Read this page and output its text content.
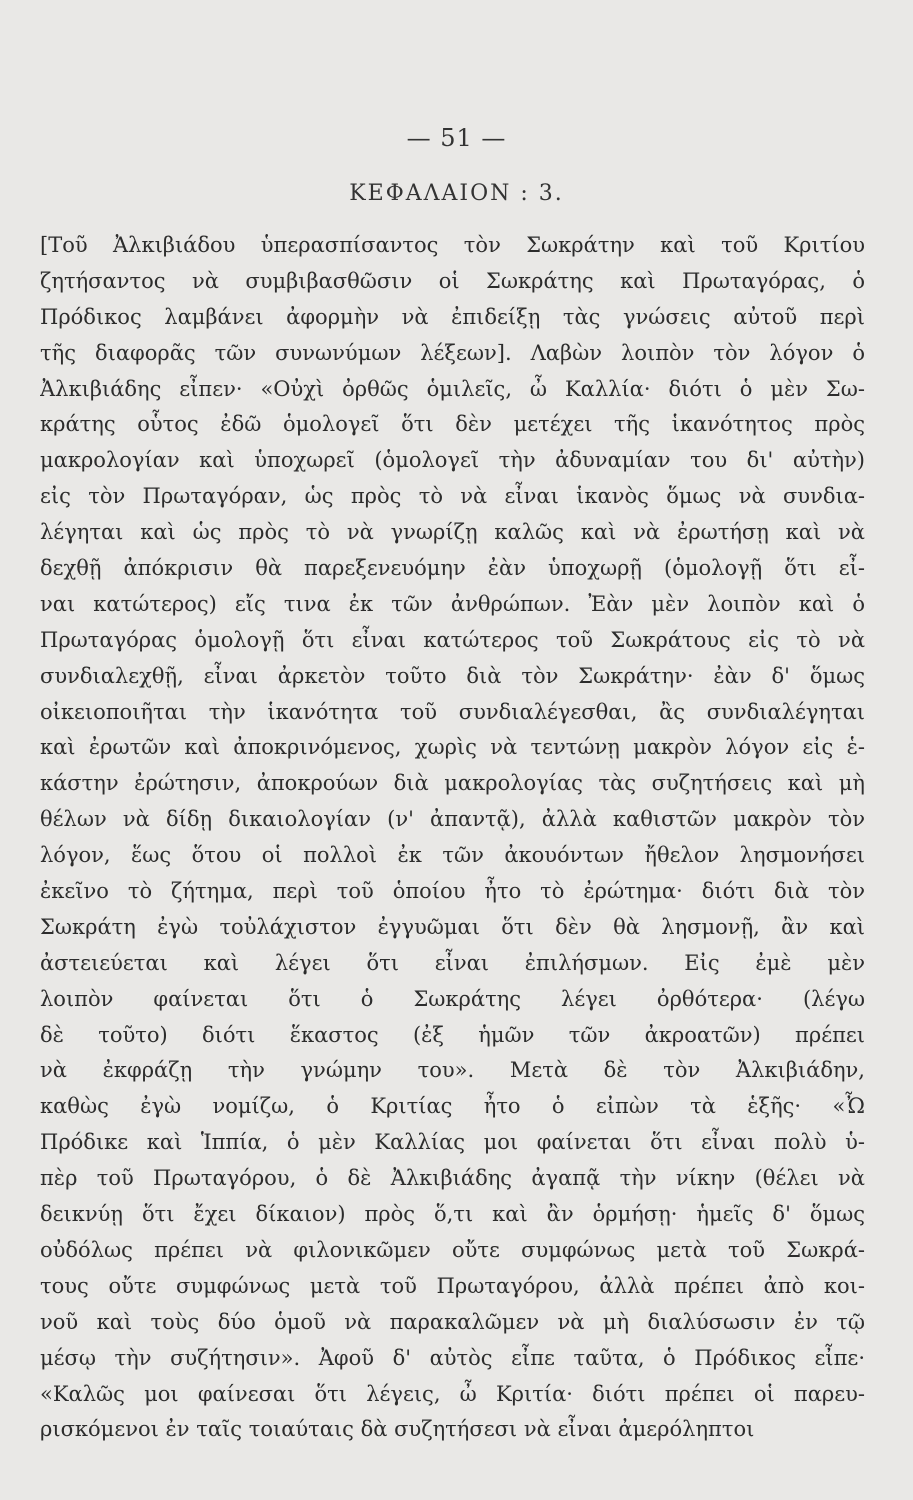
— 51 —
ΚΕΦΑΛΑΙΟΝ : 3.
[Τοῦ Ἀλκιβιάδου ὑπερασπίσαντος τὸν Σωκράτην καὶ τοῦ Κριτίου
ζητήσαντος νὰ συμβιβασθῶσιν οἱ Σωκράτης καὶ Πρωταγόρας, ὁ
Πρόδικος λαμβάνει ἀφορμὴν νὰ ἐπιδείξῃ τὰς γνώσεις αὐτοῦ περὶ
τῆς διαφορᾶς τῶν συνωνύμων λέξεων]. Λαβὼν λοιπὸν τὸν λόγον ὁ
Ἀλκιβιάδης εἶπεν· «Οὐχὶ ὀρθῶς ὁμιλεῖς, ὦ Καλλία· διότι ὁ μὲν Σω-
κράτης οὗτος ἐδῶ ὁμολογεῖ ὅτι δὲν μετέχει τῆς ἱκανότητος πρὸς
μακρολογίαν καὶ ὑποχωρεῖ (ὁμολογεῖ τὴν ἀδυναμίαν του δι' αὐτὴν)
εἰς τὸν Πρωταγόραν, ὡς πρὸς τὸ νὰ εἶναι ἱκανὸς ὅμως νὰ συνδια-
λέγηται καὶ ὡς πρὸς τὸ νὰ γνωρίζῃ καλῶς καὶ νὰ ἐρωτήσῃ καὶ νὰ
δεχθῇ ἀπόκρισιν θὰ παρεξενευόμην ἐὰν ὑποχωρῇ (ὁμολογῇ ὅτι εἶ-
ναι κατώτερος) εἴς τινα ἐκ τῶν ἀνθρώπων. Ἐὰν μὲν λοιπὸν καὶ ὁ
Πρωταγόρας ὁμολογῇ ὅτι εἶναι κατώτερος τοῦ Σωκράτους εἰς τὸ νὰ
συνδιαλεχθῇ, εἶναι ἀρκετὸν τοῦτο διὰ τὸν Σωκράτην· ἐὰν δ' ὅμως
οἰκειοποιῆται τὴν ἱκανότητα τοῦ συνδιαλέγεσθαι, ἂς συνδιαλέγηται
καὶ ἐρωτῶν καὶ ἀποκρινόμενος, χωρὶς νὰ τεντώνῃ μακρὸν λόγον εἰς ἑ-
κάστην ἐρώτησιν, ἀποκρούων διὰ μακρολογίας τὰς συζητήσεις καὶ μὴ
θέλων νὰ δίδῃ δικαιολογίαν (ν' ἀπαντᾷ), ἀλλὰ καθιστῶν μακρὸν τὸν
λόγον, ἕως ὅτου οἱ πολλοὶ ἐκ τῶν ἀκουόντων ἤθελον λησμονήσει
ἐκεῖνο τὸ ζήτημα, περὶ τοῦ ὁποίου ἦτο τὸ ἐρώτημα· διότι διὰ τὸν
Σωκράτη ἐγὼ τοὐλάχιστον ἐγγυῶμαι ὅτι δὲν θὰ λησμονῇ, ἂν καὶ
ἀστειεύεται καὶ λέγει ὅτι εἶναι ἐπιλήσμων. Εἰς ἐμὲ μὲν
λοιπὸν φαίνεται ὅτι ὁ Σωκράτης λέγει ὀρθότερα· (λέγω
δὲ τοῦτο) διότι ἕκαστος (ἐξ ἡμῶν τῶν ἀκροατῶν) πρέπει
νὰ ἐκφράζῃ τὴν γνώμην του». Μετὰ δὲ τὸν Ἀλκιβιάδην,
καθὼς ἐγὼ νομίζω, ὁ Κριτίας ἦτο ὁ εἰπὼν τὰ ἑξῆς· «Ὦ
Πρόδικε καὶ Ἱππία, ὁ μὲν Καλλίας μοι φαίνεται ὅτι εἶναι πολὺ ὑ-
πὲρ τοῦ Πρωταγόρου, ὁ δὲ Ἀλκιβιάδης ἀγαπᾷ τὴν νίκην (θέλει νὰ
δεικνύῃ ὅτι ἔχει δίκαιον) πρὸς ὅ,τι καὶ ἂν ὁρμήσῃ· ἡμεῖς δ' ὅμως
οὐδόλως πρέπει νὰ φιλονικῶμεν οὔτε συμφώνως μετὰ τοῦ Σωκρά-
τους οὔτε συμφώνως μετὰ τοῦ Πρωταγόρου, ἀλλὰ πρέπει ἀπὸ κοι-
νοῦ καὶ τοὺς δύο ὁμοῦ νὰ παρακαλῶμεν νὰ μὴ διαλύσωσιν ἐν τῷ
μέσῳ τὴν συζήτησιν». Ἀφοῦ δ' αὐτὸς εἶπε ταῦτα, ὁ Πρόδικος εἶπε·
«Καλῶς μοι φαίνεσαι ὅτι λέγεις, ὦ Κριτία· διότι πρέπει οἱ παρευ-
ρισκόμενοι ἐν ταῖς τοιαύταις δὰ συζητήσεσι νὰ εἶναι ἀμερόληπτοι
